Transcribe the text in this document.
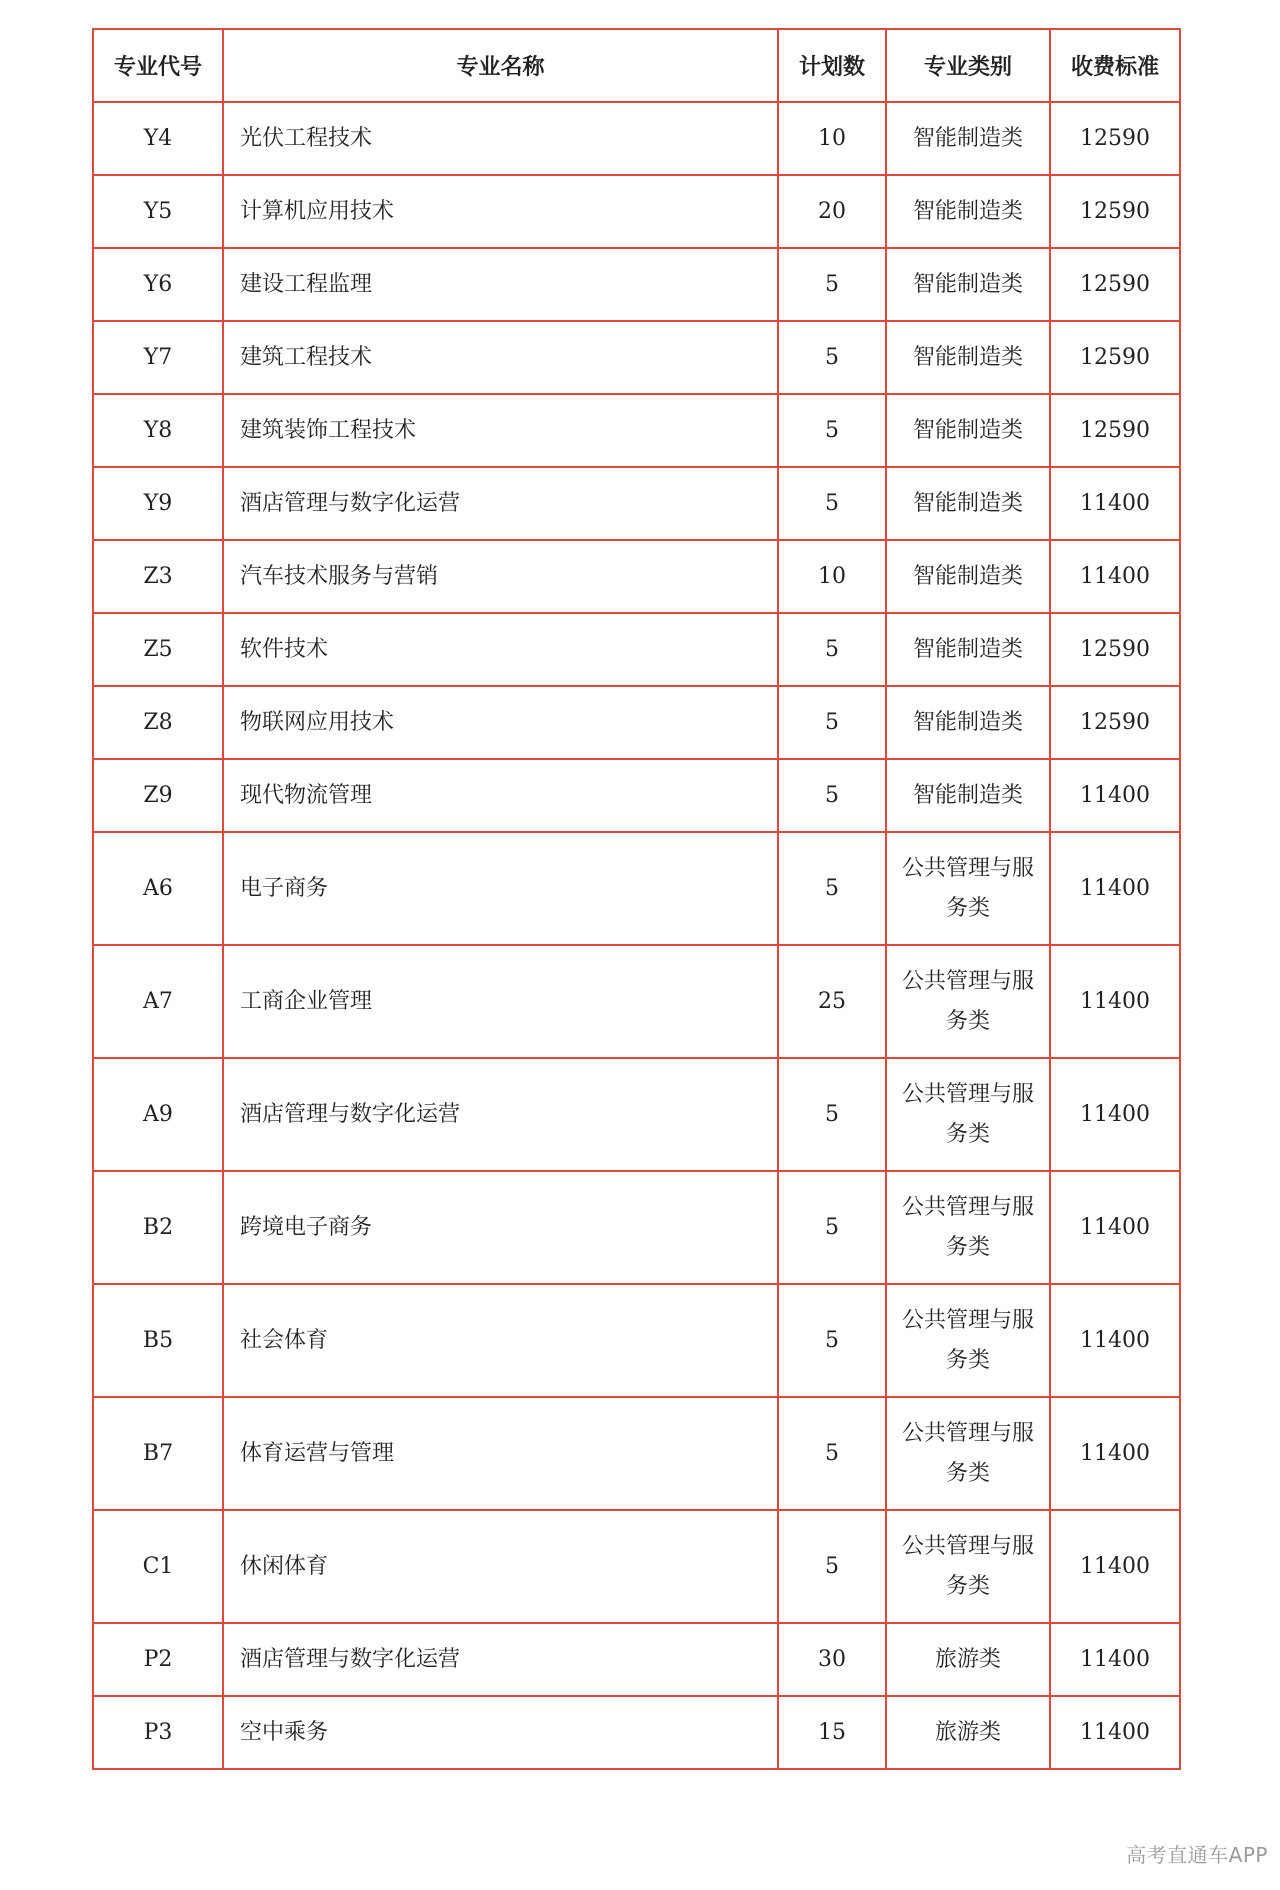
专业代号	专业名称	计划数	专业类别	收费标准
Y4	光伏工程技术	10	智能制造类	12590
Y5	计算机应用技术	20	智能制造类	12590
Y6	建设工程监理	5	智能制造类	12590
Y7	建筑工程技术	5	智能制造类	12590
Y8	建筑装饰工程技术	5	智能制造类	12590
Y9	酒店管理与数字化运营	5	智能制造类	11400
Z3	汽车技术服务与营销	10	智能制造类	11400
Z5	软件技术	5	智能制造类	12590
Z8	物联网应用技术	5	智能制造类	12590
Z9	现代物流管理	5	智能制造类	11400
A6	电子商务	5	公共管理与服务类	11400
A7	工商企业管理	25	公共管理与服务类	11400
A9	酒店管理与数字化运营	5	公共管理与服务类	11400
B2	跨境电子商务	5	公共管理与服务类	11400
B5	社会体育	5	公共管理与服务类	11400
B7	体育运营与管理	5	公共管理与服务类	11400
C1	休闲体育	5	公共管理与服务类	11400
P2	酒店管理与数字化运营	30	旅游类	11400
P3	空中乘务	15	旅游类	11400
高考直通车APP
